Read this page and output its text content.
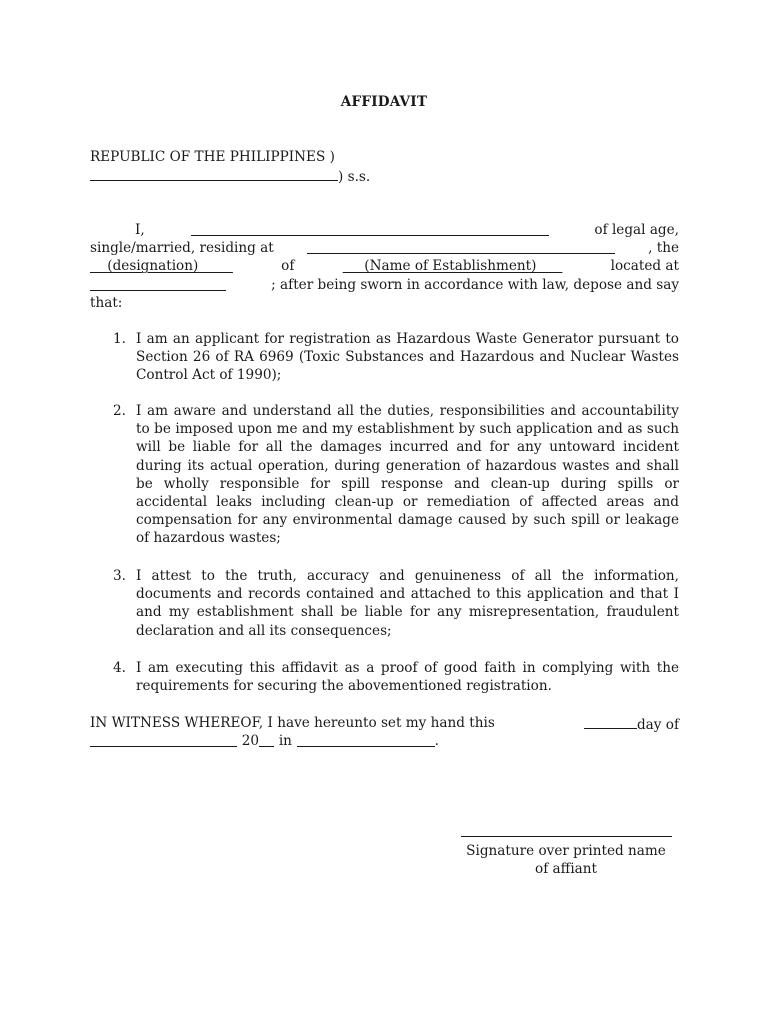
AFFIDAVIT
REPUBLIC OF THE PHILIPPINES )
) s.s.
I,	of legal age,
single/married, residing at	, the
(designation)	of	(Name of Establishment)	located at
; after being sworn in accordance with law, depose and say
that:
1. I am an applicant for registration as Hazardous Waste Generator pursuant to Section 26 of RA 6969 (Toxic Substances and Hazardous and Nuclear Wastes Control Act of 1990);
2. I am aware and understand all the duties, responsibilities and accountability to be imposed upon me and my establishment by such application and as such will be liable for all the damages incurred and for any untoward incident during its actual operation, during generation of hazardous wastes and shall be wholly responsible for spill response and clean-up during spills or accidental leaks including clean-up or remediation of affected areas and compensation for any environmental damage caused by such spill or leakage of hazardous wastes;
3. I attest to the truth, accuracy and genuineness of all the information, documents and records contained and attached to this application and that I and my establishment shall be liable for any misrepresentation, fraudulent declaration and all its consequences;
4. I am executing this affidavit as a proof of good faith in complying with the requirements for securing the abovementioned registration.
IN WITNESS WHEREOF, I have hereunto set my hand this	day of
20	in	.
Signature over printed name
of affiant
